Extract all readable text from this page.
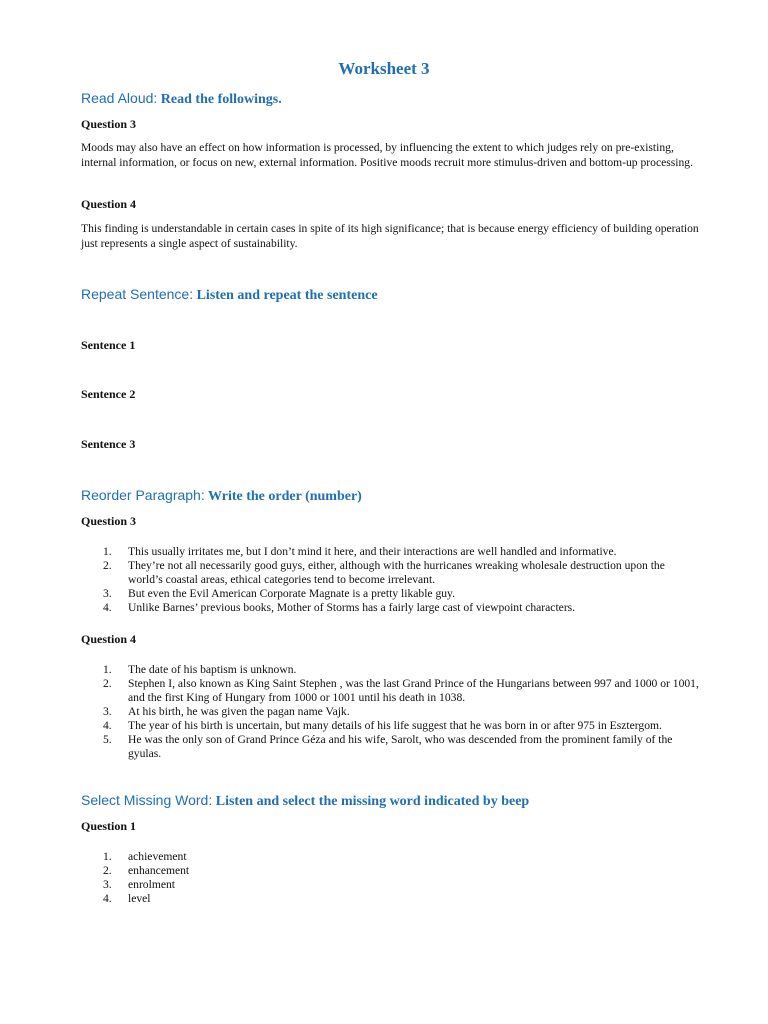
Worksheet 3
Read Aloud: Read the followings.
Question 3

Moods may also have an effect on how information is processed, by influencing the extent to which judges rely on pre-existing, internal information, or focus on new, external information. Positive moods recruit more stimulus-driven and bottom-up processing.

Question 4

This finding is understandable in certain cases in spite of its high significance; that is because energy efficiency of building operation just represents a single aspect of sustainability.

Repeat Sentence: Listen and repeat the sentence
Sentence 1
Sentence 2
Sentence 3
Reorder Paragraph: Write the order (number)
Question 3
1. This usually irritates me, but I don’t mind it here, and their interactions are well handled and informative.
2. They’re not all necessarily good guys, either, although with the hurricanes wreaking wholesale destruction upon the world’s coastal areas, ethical categories tend to become irrelevant.
3. But even the Evil American Corporate Magnate is a pretty likable guy.
4. Unlike Barnes’ previous books, Mother of Storms has a fairly large cast of viewpoint characters.
Question 4
1. The date of his baptism is unknown.
2. Stephen I, also known as King Saint Stephen , was the last Grand Prince of the Hungarians between 997 and 1000 or 1001, and the first King of Hungary from 1000 or 1001 until his death in 1038.
3. At his birth, he was given the pagan name Vajk.
4. The year of his birth is uncertain, but many details of his life suggest that he was born in or after 975 in Esztergom.
5. He was the only son of Grand Prince Géza and his wife, Sarolt, who was descended from the prominent family of the gyulas.
Select Missing Word: Listen and select the missing word indicated by beep
Question 1
1. achievement
2. enhancement
3. enrolment
4. level
